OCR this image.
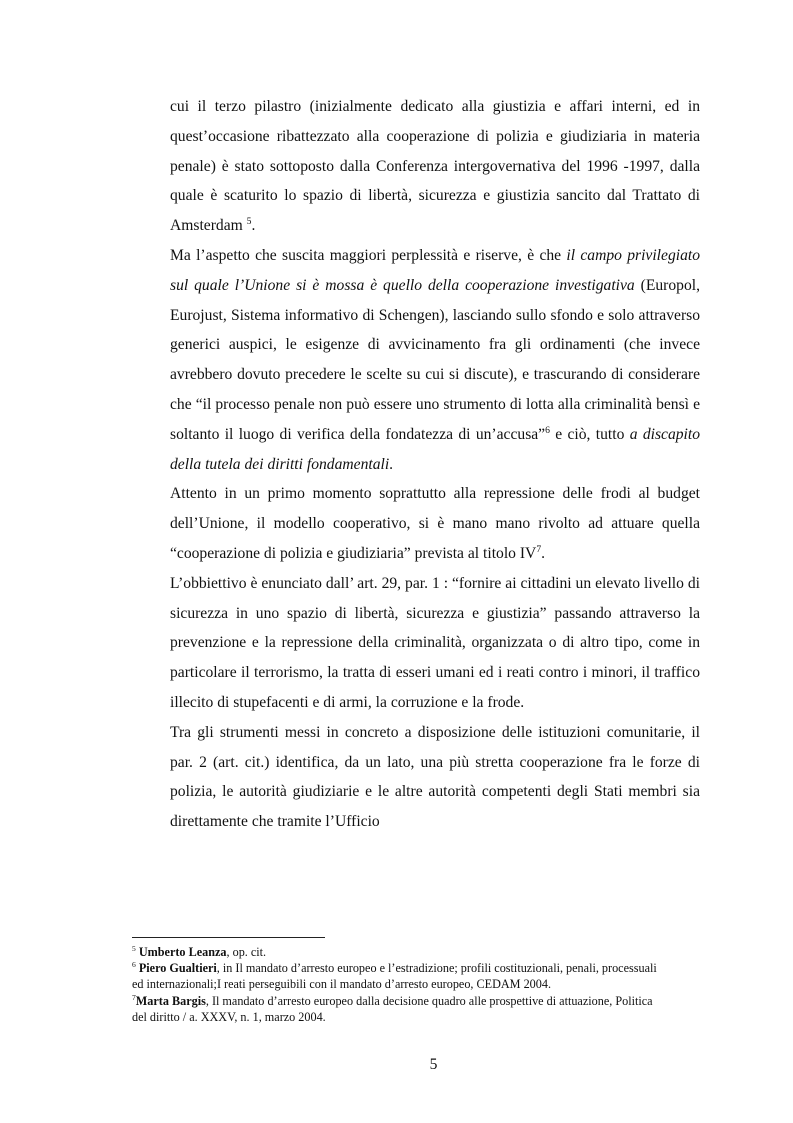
cui il terzo pilastro (inizialmente dedicato alla giustizia e affari interni, ed in quest’occasione ribattezzato alla cooperazione di polizia e giudiziaria in materia penale) è stato sottoposto dalla Conferenza intergovernativa del 1996 -1997, dalla quale è scaturito lo spazio di libertà, sicurezza e giustizia sancito dal Trattato di Amsterdam $^5$.

Ma l’aspetto che suscita maggiori perplessità e riserve, è che il campo privilegiato sul quale l’Unione si è mossa è quello della cooperazione investigativa (Europol, Eurojust, Sistema informativo di Schengen), lasciando sullo sfondo e solo attraverso generici auspici, le esigenze di avvicinamento fra gli ordinamenti (che invece avrebbero dovuto precedere le scelte su cui si discute), e trascurando di considerare che “il processo penale non può essere uno strumento di lotta alla criminalità bensì e soltanto il luogo di verifica della fondatezza di un’accusa”$^6$ e ciò, tutto a discapito della tutela dei diritti fondamentali.

Attento in un primo momento soprattutto alla repressione delle frodi al budget dell’Unione, il modello cooperativo, si è mano mano rivolto ad attuare quella “cooperazione di polizia e giudiziaria” prevista al titolo $IV^7$.

L’obbiettivo è enunciato dall’ art. 29, par. 1 : “fornire ai cittadini un elevato livello di sicurezza in uno spazio di libertà, sicurezza e giustizia” passando attraverso la prevenzione e la repressione della criminalità, organizzata o di altro tipo, come in particolare il terrorismo, la tratta di esseri umani ed i reati contro i minori, il traffico illecito di stupefacenti e di armi, la corruzione e la frode.

Tra gli strumenti messi in concreto a disposizione delle istituzioni comunitarie, il par. 2 (art. cit.) identifica, da un lato, una più stretta cooperazione fra le forze di polizia, le autorità giudiziarie e le altre autorità competenti degli Stati membri sia direttamente che tramite l’Ufficio

$^5$ Umberto Leanza, op. cit.

$^6$ Piero Gualtieri, in Il mandato d’arresto europeo e l’estradizione; profili costituzionali, penali, processuali ed internazionali;I reati perseguibili con il mandato d’arresto europeo, CEDAM 2004.

$^7$Marta Bargis, Il mandato d’arresto europeo dalla decisione quadro alle prospettive di attuazione, Politica del diritto / a. XXXV, n. 1, marzo 2004.

5
